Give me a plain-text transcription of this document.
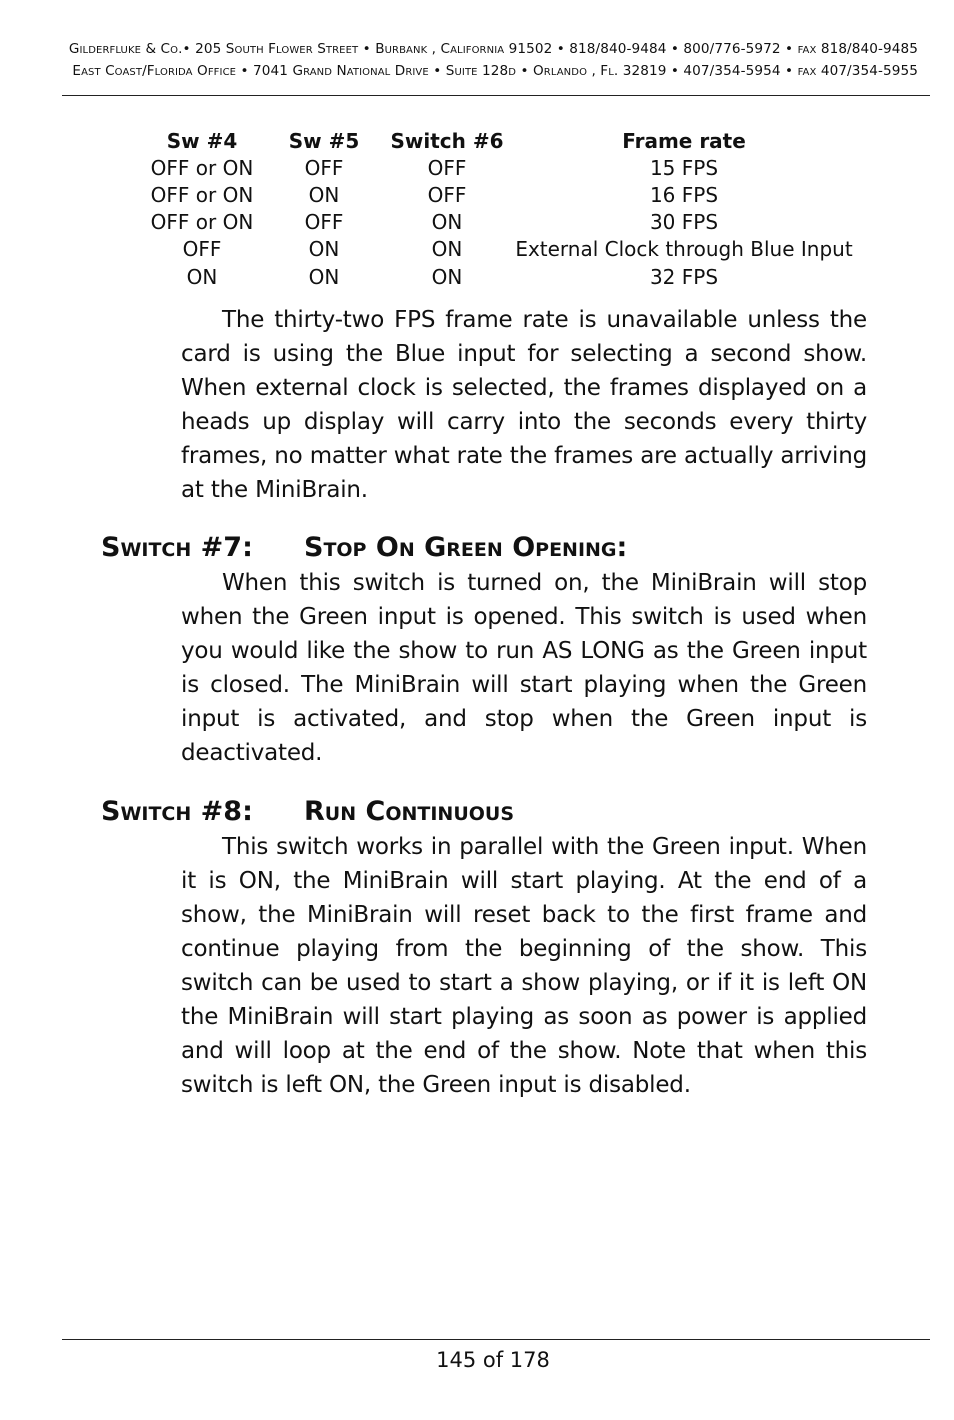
Gilderfluke & Co.• 205 South Flower Street • Burbank , California 91502 • 818/840-9484 • 800/776-5972 • fax 818/840-9485
East Coast/Florida Office • 7041 Grand National Drive • Suite 128d • Orlando , Fl. 32819 • 407/354-5954 • fax 407/354-5955
Sw #4	Sw #5	Switch #6	Frame rate
OFF or ON	OFF	OFF	15 FPS
OFF or ON	ON	OFF	16 FPS
OFF or ON	OFF	ON	30 FPS
OFF	ON	ON	External Clock through Blue Input
ON	ON	ON	32 FPS

The thirty-two FPS frame rate is unavailable unless the card is using the Blue input for selecting a second show. When external clock is selected, the frames displayed on a heads up display will carry into the seconds every thirty frames, no matter what rate the frames are actually arriving at the MiniBrain.

Switch #7: Stop On Green Opening:

When this switch is turned on, the MiniBrain will stop when the Green input is opened. This switch is used when you would like the show to run AS LONG as the Green input is closed. The MiniBrain will start playing when the Green input is activated, and stop when the Green input is deactivated.

Switch #8: Run Continuous

This switch works in parallel with the Green input. When it is ON, the MiniBrain will start playing. At the end of a show, the MiniBrain will reset back to the first frame and continue playing from the beginning of the show. This switch can be used to start a show playing, or if it is left ON the MiniBrain will start playing as soon as power is applied and will loop at the end of the show. Note that when this switch is left ON, the Green input is disabled.

145 of 178
